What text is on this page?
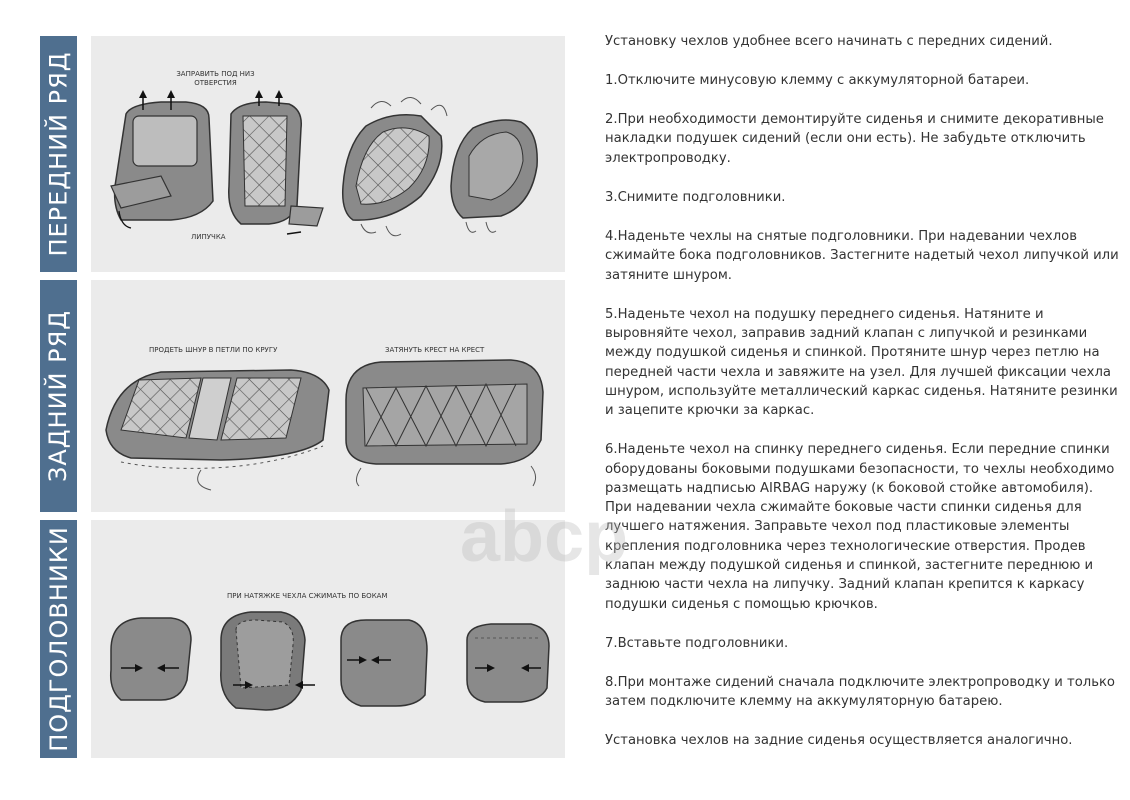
ПЕРЕДНИЙ РЯД
ЗАДНИЙ РЯД
ПОДГОЛОВНИКИ
ЗАПРАВИТЬ ПОД НИЗ ОТВЕРСТИЯ
ЛИПУЧКА
ПРОДЕТЬ ШНУР В ПЕТЛИ ПО КРУГУ	ЗАТЯНУТЬ КРЕСТ НА КРЕСТ
ПРИ НАТЯЖКЕ ЧЕХЛА СЖИМАТЬ ПО БОКАМ

Установку чехлов удобнее всего начинать с передних сидений.

1.Отключите минусовую клемму с аккумуляторной батареи.

2.При необходимости демонтируйте сиденья и снимите декоративные накладки подушек сидений (если они есть). Не забудьте отключить электропроводку.

3.Снимите подголовники.

4.Наденьте чехлы на снятые подголовники. При надевании чехлов сжимайте бока подголовников. Застегните надетый чехол липучкой или затяните шнуром.

5.Наденьте чехол на подушку переднего сиденья. Натяните и выровняйте чехол, заправив задний клапан с липучкой и резинками между подушкой сиденья и спинкой. Протяните шнур через петлю на передней части чехла и завяжите на узел. Для лучшей фиксации чехла шнуром, используйте металлический каркас сиденья. Натяните резинки и зацепите крючки за каркас.

6.Наденьте чехол на спинку переднего сиденья. Если передние спинки оборудованы боковыми подушками безопасности, то чехлы необходимо размещать надписью AIRBAG наружу (к боковой стойке автомобиля). При надевании чехла сжимайте боковые части спинки сиденья для лучшего натяжения. Заправьте чехол под пластиковые элементы крепления подголовника через технологические отверстия. Продев клапан между подушкой сиденья и спинкой, застегните переднюю и заднюю части чехла на липучку. Задний клапан крепится к каркасу подушки сиденья с помощью крючков.

7.Вставьте подголовники.

8.При монтаже сидений сначала подключите электропроводку и только затем подключите клемму на аккумуляторную батарею.

Установка чехлов на задние сиденья осуществляется аналогично.

abcp
